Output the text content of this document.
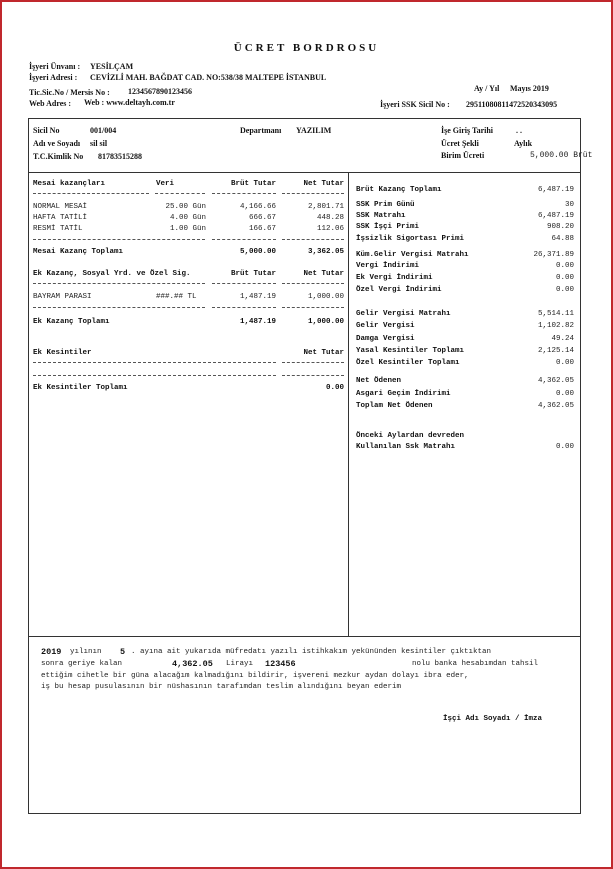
ÜCRET BORDROSU
İşyeri Ünvanı : YESİLÇAM
İşyeri Adresi : CEVİZLİ MAH. BAĞDAT CAD. NO:538/38 MALTEPE İSTANBUL
Tic.Sic.No / Mersis No : 1234567890123456
Web Adres : Web : www.deltayh.com.tr
Ay / Yıl Mayıs 2019
İşyeri SSK Sicil No : 29511080811472520343095
Sicil No	001/004
Adı ve Soyadı sil sil
T.C.Kimlik No 81783515288
Departmanı YAZILIM	İşe Giriş Tarihi	. .
Ücret Şekli	Aylık
Birim Ücreti	5,000.00 Brüt
Mesai kazançları	Veri	Brüt Tutar	Net Tutar
NORMAL MESAİ	25.00 Gün	4,166.66	2,801.71
HAFTA TATİLİ	4.00 Gün	666.67	448.28
RESMİ TATİL	1.00 Gün	166.67	112.06
Mesai Kazanç Toplamı	5,000.00	3,362.05
Ek Kazanç, Sosyal Yrd. ve Özel Sig.	Brüt Tutar	Net Tutar
BAYRAM PARASI	###.## TL	1,487.19	1,000.00
Ek Kazanç Toplamı	1,487.19	1,000.00
Ek Kesintiler	Net Tutar
Ek Kesintiler Toplamı	0.00
Brüt Kazanç Toplamı	6,487.19
SSK Prim Günü	30
SSK Matrahı	6,487.19
SSK İşçi Primi	908.20
İşsizlik Sigortası Primi	64.88
Küm.Gelir Vergisi Matrahı	26,371.89
Vergi İndirimi	0.00
Ek Vergi İndirimi	0.00
Özel Vergi İndirimi	0.00
Gelir Vergisi Matrahı	5,514.11
Gelir Vergisi	1,102.82
Damga Vergisi	49.24
Yasal Kesintiler Toplamı	2,125.14
Özel Kesintiler Toplamı	0.00
Net Ödenen	4,362.05
Asgari Geçim İndirimi	0.00
Toplam Net Ödenen	4,362.05
Önceki Aylardan devreden
Kullanılan Ssk Matrahı	0.00
2019 yılının 5 . ayına ait yukarıda müfredatı yazılı istihkakım yekününden kesintiler çıktıktan
sonra geriye kalan	4,362.05 Lirayı 123456	nolu banka hesabımdan tahsil
ettiğim cihetle bir güna alacağım kalmadığını bildirir, işvereni mezkur aydan dolayı ibra eder,
iş bu hesap pusulasının bir nüshasının tarafımdan teslim alındığını beyan ederim
İşçi Adı Soyadı / İmza
